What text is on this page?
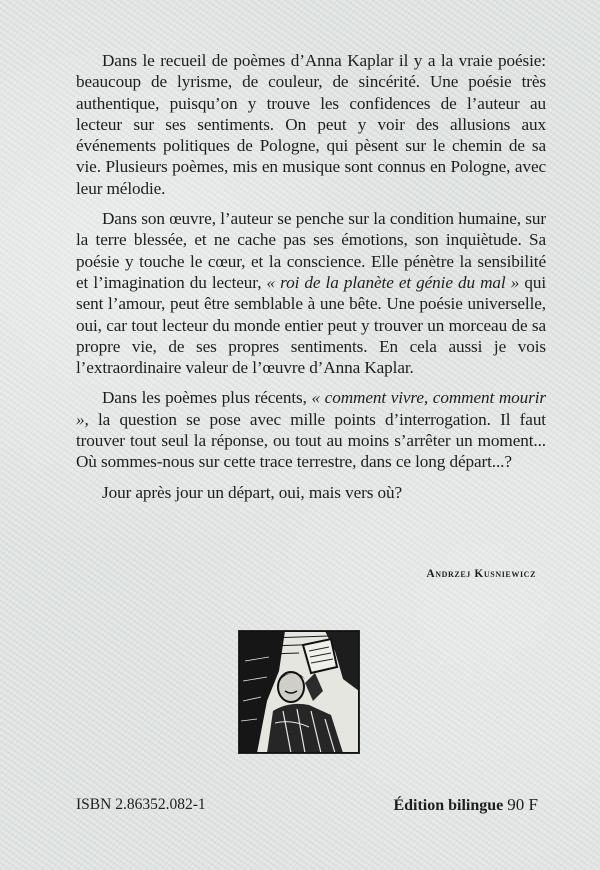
Dans le recueil de poèmes d’Anna Kaplar il y a la vraie poésie: beaucoup de lyrisme, de couleur, de sincérité. Une poésie très authentique, puisqu’on y trouve les confidences de l’auteur au lecteur sur ses sentiments. On peut y voir des allusions aux événements politiques de Pologne, qui pèsent sur le chemin de sa vie. Plusieurs poèmes, mis en musique sont connus en Pologne, avec leur mélodie.

Dans son œuvre, l’auteur se penche sur la condition humaine, sur la terre blessée, et ne cache pas ses émotions, son inquiètude. Sa poésie y touche le cœur, et la conscience. Elle pénètre la sensibilité et l’imagination du lecteur, « roi de la planète et génie du mal » qui sent l’amour, peut être semblable à une bête. Une poésie universelle, oui, car tout lecteur du monde entier peut y trouver un morceau de sa propre vie, de ses propres sentiments. En cela aussi je vois l’extraordinaire valeur de l’œuvre d’Anna Kaplar.

Dans les poèmes plus récents, « comment vivre, comment mourir », la question se pose avec mille points d’interrogation. Il faut trouver tout seul la réponse, ou tout au moins s’arrêter un moment... Où sommes-nous sur cette trace terrestre, dans ce long départ...?

Jour après jour un départ, oui, mais vers où?

Andrzej Kusniewicz
ISBN 2.86352.082-1	Édition bilingue 90 F
